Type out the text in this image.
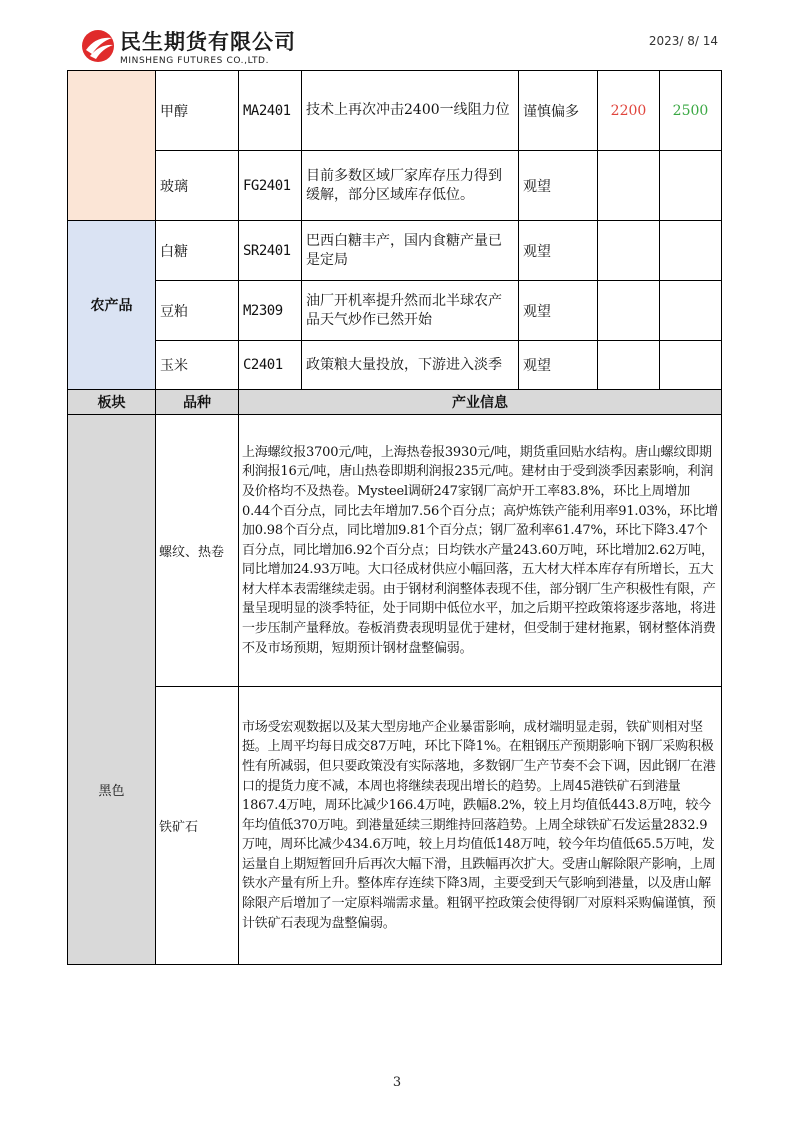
民生期货有限公司
MINSHENG FUTURES CO.,LTD.
2023/ 8/ 14
	甲醇	MA2401	技术上再次冲击2400一线阻力位	谨慎偏多	2200	2500
	玻璃	FG2401	目前多数区域厂家库存压力得到缓解，部分区域库存低位。	观望		
农产品	白糖	SR2401	巴西白糖丰产，国内食糖产量已是定局	观望		
	豆粕	M2309	油厂开机率提升然而北半球农产品天气炒作已然开始	观望		
	玉米	C2401	政策粮大量投放，下游进入淡季	观望		
板块	品种	产业信息				
黑色	螺纹、热卷	上海螺纹报3700元/吨，上海热卷报3930元/吨，期货重回贴水结构。唐山螺纹即期利润报16元/吨，唐山热卷即期利润报235元/吨。建材由于受到淡季因素影响，利润及价格均不及热卷。Mysteel调研247家钢厂高炉开工率83.8%，环比上周增加0.44个百分点，同比去年增加7.56个百分点；高炉炼铁产能利用率91.03%，环比增加0.98个百分点，同比增加9.81个百分点；钢厂盈利率61.47%，环比下降3.47个百分点，同比增加6.92个百分点；日均铁水产量243.60万吨，环比增加2.62万吨，同比增加24.93万吨。大口径成材供应小幅回落，五大材大样本库存有所增长，五大材大样本表需继续走弱。由于钢材利润整体表现不佳，部分钢厂生产积极性有限，产量呈现明显的淡季特征，处于同期中低位水平，加之后期平控政策将逐步落地，将进一步压制产量释放。卷板消费表现明显优于建材，但受制于建材拖累，钢材整体消费不及市场预期，短期预计钢材盘整偏弱。
	铁矿石	市场受宏观数据以及某大型房地产企业暴雷影响，成材端明显走弱，铁矿则相对坚挺。上周平均每日成交87万吨，环比下降1%。在粗钢压产预期影响下钢厂采购积极性有所减弱，但只要政策没有实际落地，多数钢厂生产节奏不会下调，因此钢厂在港口的提货力度不减，本周也将继续表现出增长的趋势。上周45港铁矿石到港量1867.4万吨，周环比减少166.4万吨，跌幅8.2%，较上月均值低443.8万吨，较今年均值低370万吨。到港量延续三期维持回落趋势。上周全球铁矿石发运量2832.9万吨，周环比减少434.6万吨，较上月均值低148万吨，较今年均值低65.5万吨，发运量自上期短暂回升后再次大幅下滑，且跌幅再次扩大。受唐山解除限产影响，上周铁水产量有所上升。整体库存连续下降3周，主要受到天气影响到港量，以及唐山解除限产后增加了一定原料端需求量。粗钢平控政策会使得钢厂对原料采购偏谨慎，预计铁矿石表现为盘整偏弱。
3
